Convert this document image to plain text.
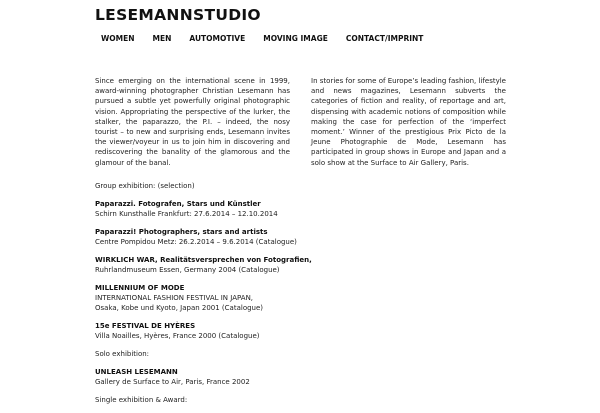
LESEMANNSTUDIO
WOMEN MEN AUTOMOTIVE MOVING IMAGE CONTACT/IMPRINT

Since emerging on the international scene in 1999, award-winning photographer Christian Lesemann has pursued a subtle yet powerfully original photographic vision. Appropriating the perspective of the lurker, the stalker, the paparazzo, the P.I. – indeed, the nosy tourist – to new and surprising ends, Lesemann invites the viewer/voyeur in us to join him in discovering and rediscovering the banality of the glamorous and the glamour of the banal.

In stories for some of Europe’s leading fashion, lifestyle and news magazines, Lesemann subverts the categories of fiction and reality, of reportage and art, dispensing with academic notions of composition while making the case for perfection of the ‘imperfect moment.’ Winner of the prestigious Prix Picto de la Jeune Photographie de Mode, Lesemann has participated in group shows in Europe and Japan and a solo show at the Surface to Air Gallery, Paris.

Group exhibition: (selection)

Paparazzi. Fotografen, Stars und Künstler
Schirn Kunsthalle Frankfurt: 27.6.2014 – 12.10.2014

Paparazzi! Photographers, stars and artists
Centre Pompidou Metz: 26.2.2014 – 9.6.2014 (Catalogue)

WIRKLICH WAR, Realitätsversprechen von Fotografien,
Ruhrlandmuseum Essen, Germany 2004 (Catalogue)

MILLENNIUM OF MODE
INTERNATIONAL FASHION FESTIVAL IN JAPAN,
Osaka, Kobe und Kyoto, Japan 2001 (Catalogue)

15e FESTIVAL DE HYÈRES
Villa Noailles, Hyères, France 2000 (Catalogue)

Solo exhibition:

UNLEASH LESEMANN
Gallery de Surface to Air, Paris, France 2002

Single exhibition & Award:
